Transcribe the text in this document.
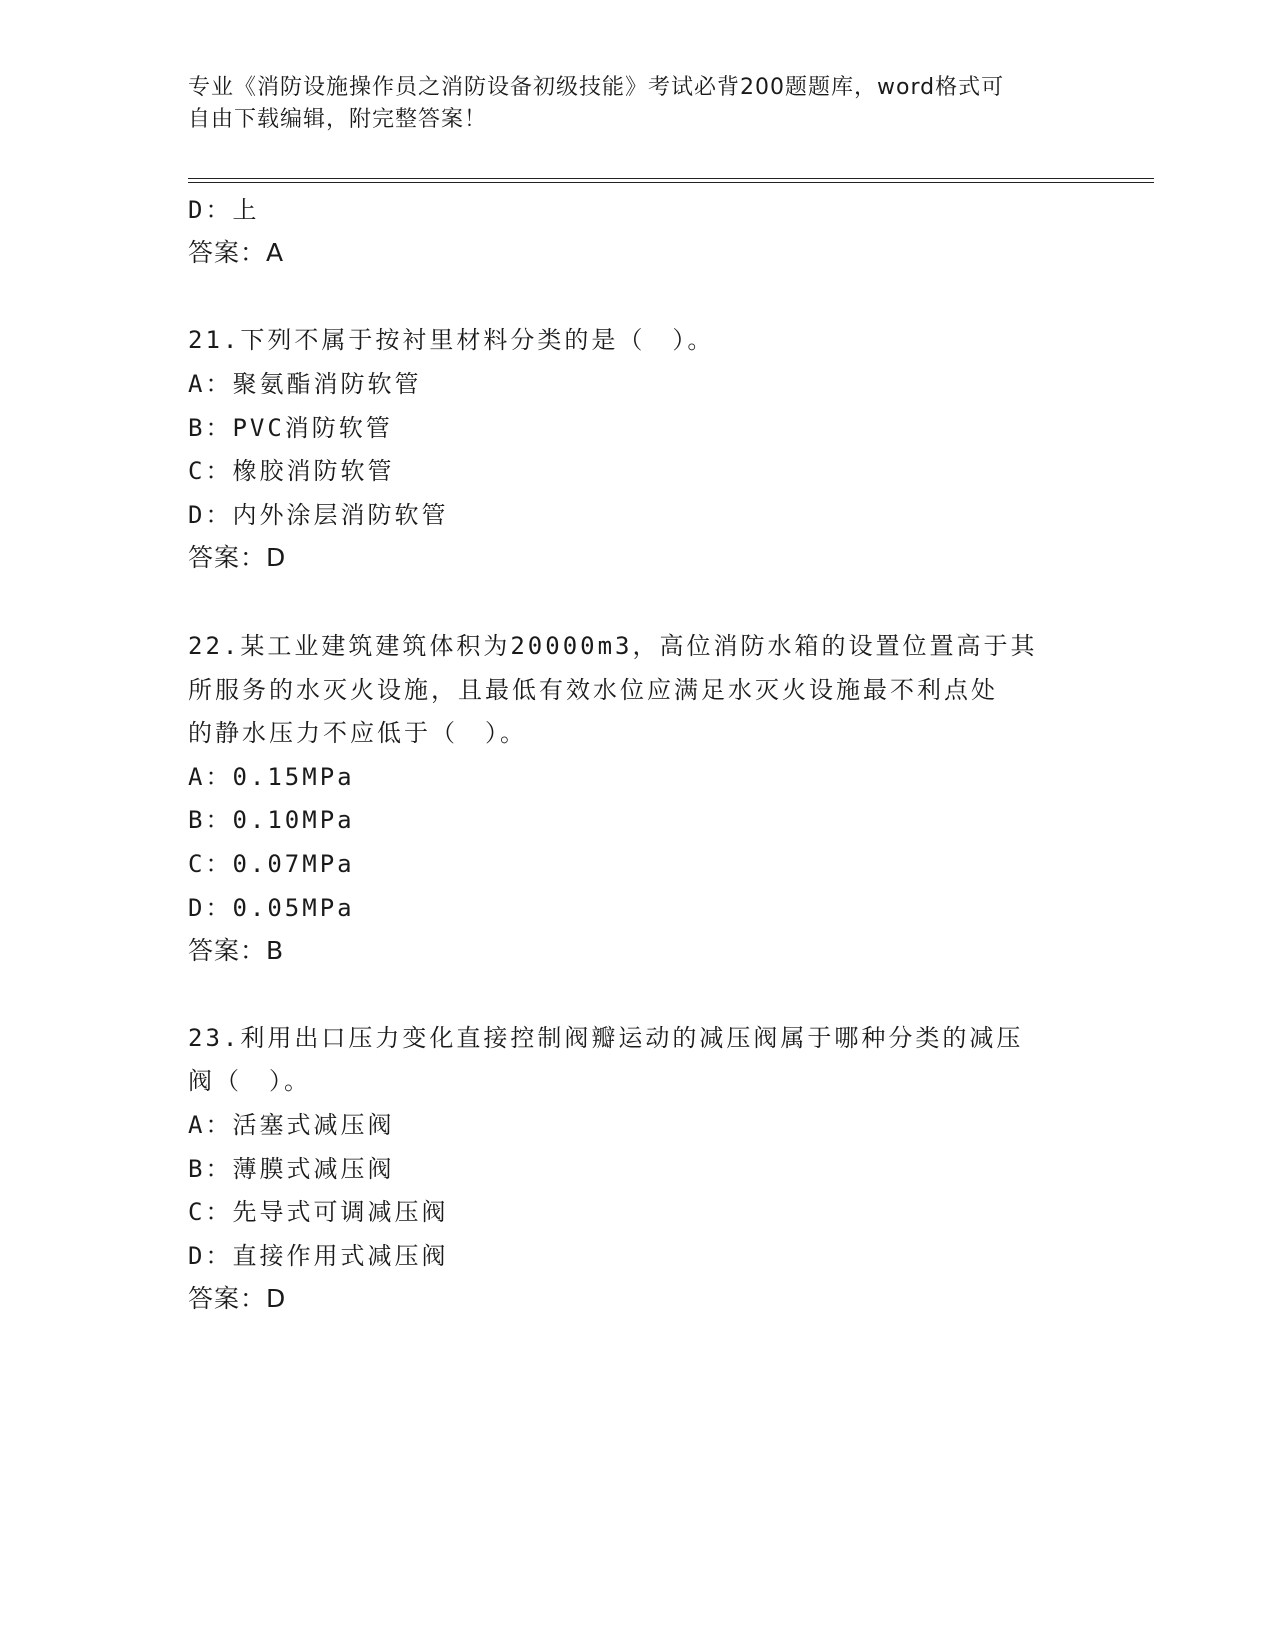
专业《消防设施操作员之消防设备初级技能》考试必背200题题库，word格式可
自由下载编辑，附完整答案！
D：上
答案：A
21.下列不属于按衬里材料分类的是（　）。
A：聚氨酯消防软管
B：PVC消防软管
C：橡胶消防软管
D：内外涂层消防软管
答案：D
22.某工业建筑建筑体积为20000m3，高位消防水箱的设置位置高于其
所服务的水灭火设施，且最低有效水位应满足水灭火设施最不利点处
的静水压力不应低于（　）。
A：0.15MPa
B：0.10MPa
C：0.07MPa
D：0.05MPa
答案：B
23.利用出口压力变化直接控制阀瓣运动的减压阀属于哪种分类的减压
阀（　）。
A：活塞式减压阀
B：薄膜式减压阀
C：先导式可调减压阀
D：直接作用式减压阀
答案：D
